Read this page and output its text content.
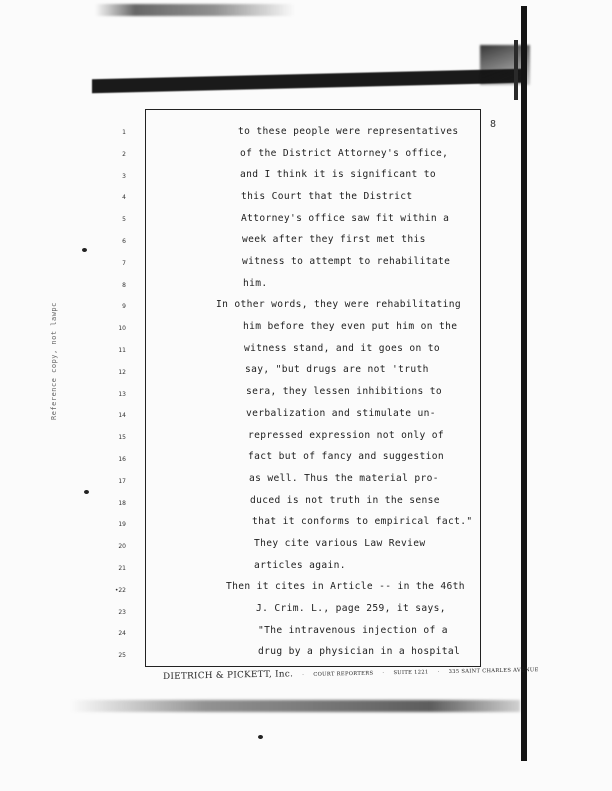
Reference copy, not lawpc
8
1	to these people were representatives
2	of the District Attorney's office,
3	and I think it is significant to
4	this Court that the District
5	Attorney's office saw fit within a
6	week after they first met this
7	witness to attempt to rehabilitate
8	him.
9	In other words, they were rehabilitating
10	him before they even put him on the
11	witness stand, and it goes on to
12	say, "but drugs are not 'truth
13	sera, they lessen inhibitions to
14	verbalization and stimulate un-
15	repressed expression not only of
16	fact but of fancy and suggestion
17	as well. Thus the material pro-
18	duced is not truth in the sense
19	that it conforms to empirical fact."
20	They cite various Law Review
21	articles again.
•22	Then it cites in Article -- in the 46th
23	J. Crim. L., page 259, it says,
24	"The intravenous injection of a
25	drug by a physician in a hospital
DIETRICH & PICKETT, Inc. · COURT REPORTERS · SUITE 1221 · 335 SAINT CHARLES AVENUE
